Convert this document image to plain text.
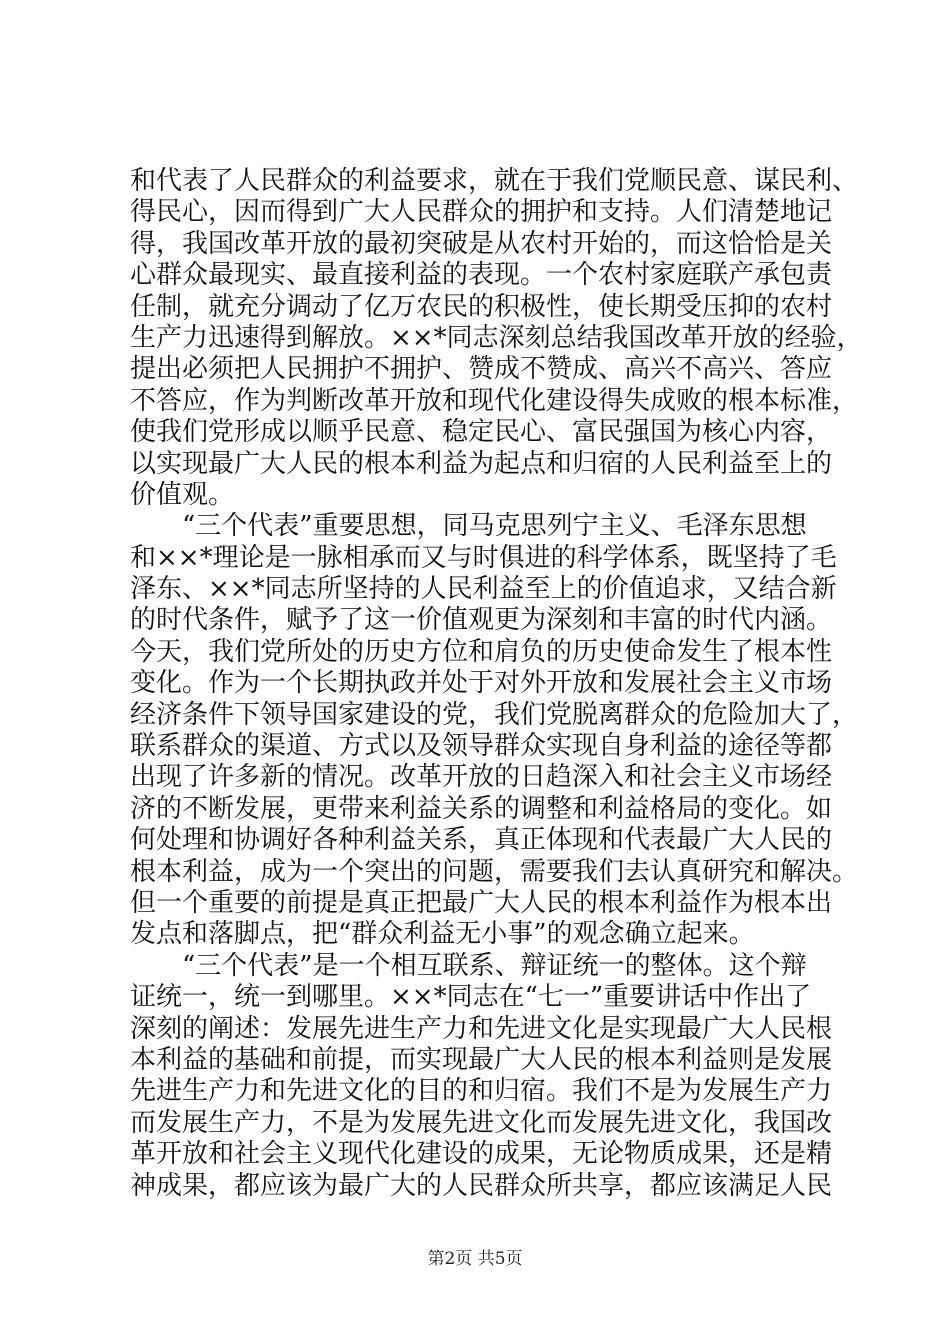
和代表了人民群众的利益要求，就在于我们党顺民意、谋民利、
得民心，因而得到广大人民群众的拥护和支持。人们清楚地记
得，我国改革开放的最初突破是从农村开始的，而这恰恰是关
心群众最现实、最直接利益的表现。一个农村家庭联产承包责
任制，就充分调动了亿万农民的积极性，使长期受压抑的农村
生产力迅速得到解放。××*同志深刻总结我国改革开放的经验，
提出必须把人民拥护不拥护、赞成不赞成、高兴不高兴、答应
不答应，作为判断改革开放和现代化建设得失成败的根本标准，
使我们党形成以顺乎民意、稳定民心、富民强国为核心内容，
以实现最广大人民的根本利益为起点和归宿的人民利益至上的
价值观。
　　“三个代表”重要思想，同马克思列宁主义、毛泽东思想
和××*理论是一脉相承而又与时俱进的科学体系，既坚持了毛
泽东、××*同志所坚持的人民利益至上的价值追求，又结合新
的时代条件，赋予了这一价值观更为深刻和丰富的时代内涵。
今天，我们党所处的历史方位和肩负的历史使命发生了根本性
变化。作为一个长期执政并处于对外开放和发展社会主义市场
经济条件下领导国家建设的党，我们党脱离群众的危险加大了，
联系群众的渠道、方式以及领导群众实现自身利益的途径等都
出现了许多新的情况。改革开放的日趋深入和社会主义市场经
济的不断发展，更带来利益关系的调整和利益格局的变化。如
何处理和协调好各种利益关系，真正体现和代表最广大人民的
根本利益，成为一个突出的问题，需要我们去认真研究和解决。
但一个重要的前提是真正把最广大人民的根本利益作为根本出
发点和落脚点，把“群众利益无小事”的观念确立起来。
　　“三个代表”是一个相互联系、辩证统一的整体。这个辩
证统一，统一到哪里。××*同志在“七一”重要讲话中作出了
深刻的阐述：发展先进生产力和先进文化是实现最广大人民根
本利益的基础和前提，而实现最广大人民的根本利益则是发展
先进生产力和先进文化的目的和归宿。我们不是为发展生产力
而发展生产力，不是为发展先进文化而发展先进文化，我国改
革开放和社会主义现代化建设的成果，无论物质成果，还是精
神成果，都应该为最广大的人民群众所共享，都应该满足人民
第2页 共5页
